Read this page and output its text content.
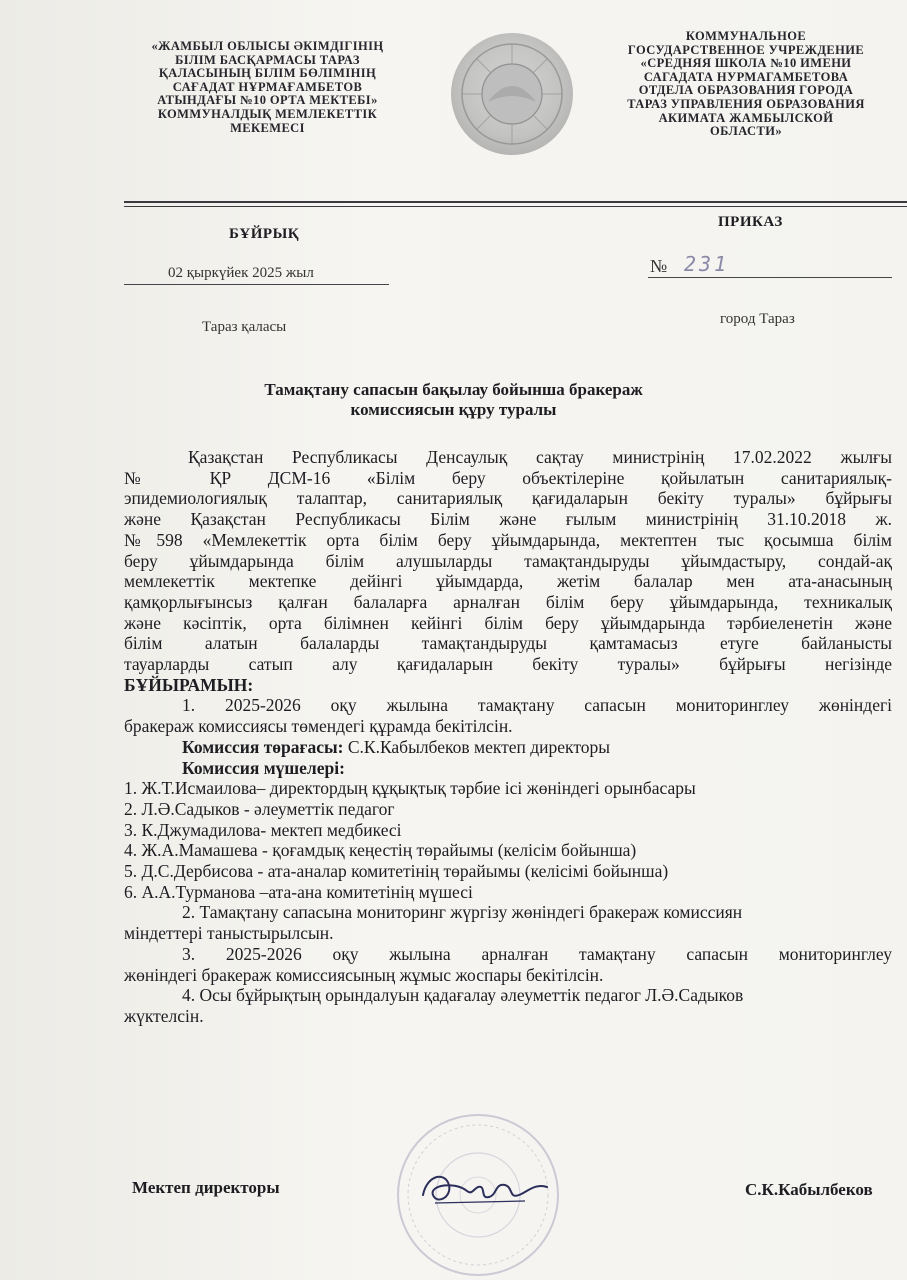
«ЖАМБЫЛ ОБЛЫСЫ ӘКІМДІГІНІҢ
БІЛІМ БАСҚАРМАСЫ ТАРАЗ
ҚАЛАСЫНЫҢ БІЛІМ БӨЛІМІНІҢ
САҒАДАТ НҰРМАҒАМБЕТОВ
АТЫНДАҒЫ №10 ОРТА МЕКТЕБІ»
КОММУНАЛДЫҚ МЕМЛЕКЕТТІК
МЕКЕМЕСІ
КОММУНАЛЬНОЕ
ГОСУДАРСТВЕННОЕ УЧРЕЖДЕНИЕ
«СРЕДНЯЯ ШКОЛА №10 ИМЕНИ
САГАДАТА НУРМАГАМБЕТОВА
ОТДЕЛА ОБРАЗОВАНИЯ ГОРОДА
ТАРАЗ УПРАВЛЕНИЯ ОБРАЗОВАНИЯ
АКИМАТА ЖАМБЫЛСКОЙ
ОБЛАСТИ»
БҰЙРЫҚ
ПРИКАЗ
02 қыркүйек 2025 жыл	№ 231
Тараз қаласы	город Тараз
Тамақтану сапасын бақылау бойынша бракераж
комиссиясын құру туралы
Қазақстан Республикасы Денсаулық сақтау министрінің 17.02.2022 жылғы
№ ҚР ДСМ-16 «Білім беру объектілеріне қойылатын санитариялық-
эпидемиологиялық талаптар, санитариялық қағидаларын бекіту туралы» бұйрығы
және Қазақстан Республикасы Білім және ғылым министрінің 31.10.2018 ж.
№598 «Мемлекеттік орта білім беру ұйымдарында, мектептен тыс қосымша білім
беру ұйымдарында білім алушыларды тамақтандыруды ұйымдастыру, сондай-ақ
мемлекеттік мектепке дейінгі ұйымдарда, жетім балалар мен ата-анасының
қамқорлығынсыз қалған балаларға арналған білім беру ұйымдарында, техникалық
және кәсіптік, орта білімнен кейінгі білім беру ұйымдарында тәрбиеленетін және
білім алатын балаларды тамақтандыруды қамтамасыз етуге байланысты
тауарларды сатып алу қағидаларын бекіту туралы» бұйрығы негізінде
БҰЙЫРАМЫН:
1. 2025-2026 оқу жылына тамақтану сапасын мониторинглеу жөніндегі
бракераж комиссиясы төмендегі құрамда бекітілсін.
Комиссия төрағасы: С.К.Кабылбеков мектеп директоры
Комиссия мүшелері:
1. Ж.Т.Исмаилова– директордың құқықтық тәрбие ісі жөніндегі орынбасары
2. Л.Ә.Садыков - әлеуметтік педагог
3. К.Джумадилова- мектеп медбикесі
4. Ж.А.Мамашева - қоғамдық кеңестің төрайымы (келісім бойынша)
5. Д.С.Дербисова - ата-аналар комитетінің төрайымы (келісімі бойынша)
6. А.А.Турманова –ата-ана комитетінің мүшесі
2. Тамақтану сапасына мониторинг жүргізу жөніндегі бракераж комиссиян
міндеттері таныстырылсын.
3. 2025-2026 оқу жылына арналған тамақтану сапасын мониторинглеу
жөніндегі бракераж комиссиясының жұмыс жоспары бекітілсін.
4. Осы бұйрықтың орындалуын қадағалау әлеуметтік педагог Л.Ә.Садыков
жүктелсін.
Мектеп директоры	С.К.Кабылбеков
